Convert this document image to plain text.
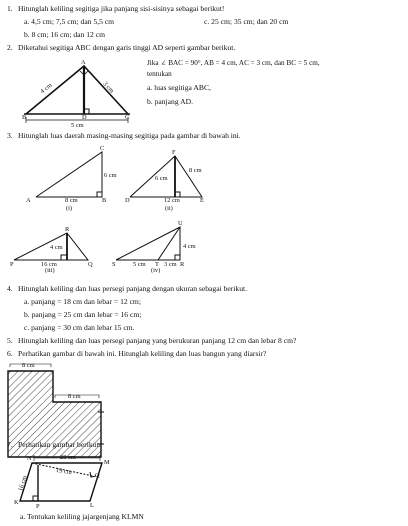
1. Hitunglah keliling segitiga jika panjang sisi-sisinya sebagai berikut!
a. 4,5 cm; 7,5 cm; dan 5,5 cm	c. 25 cm; 35 cm; dan 20 cm
b. 8 cm; 16 cm; dan 12 cm
2. Diketahui segitiga ABC dengan garis tinggi AD seperti gambar berikut.
Jika ∠ BAC = 90°, AB = 4 cm, AC = 3 cm, dan BC = 5 cm,
tentukan
a. luas segitiga ABC,
b. panjang AD.
A
B	C
D
4 cm	3 cm
5 cm
3. Hitunglah luas daerah masing-masing segitiga pada gambar di bawah ini.
C
6 cm
A	B
8 cm
(i)
F
8 cm
6 cm
D	E
12 cm
(ii)
R
4 cm
P	Q
16 cm
(iii)
U
4 cm
S	5 cm T 3 cm R
(iv)
4. Hitunglah keliling dan luas persegi panjang dengan ukuran sebagai berikut.
a. panjang = 18 cm dan lebar = 12 cm;
b. panjang = 25 cm dan lebar = 16 cm;
c. panjang = 30 cm dan lebar 15 cm.
5. Hitunglah keliling dan luas persegi panjang yang berukuran panjang 12 cm dan lebar 8 cm?
6. Perhatikan gambar di bawah ini. Hitunglah keliling dan luas bangun yang diarsir?
8 cm
8 cm
7. Perhatikan gambar berikut.
N
M
28 cm
19 cm	Q
16 cm
K
P	L
a. Tentukan keliling jajargenjang KLMN
